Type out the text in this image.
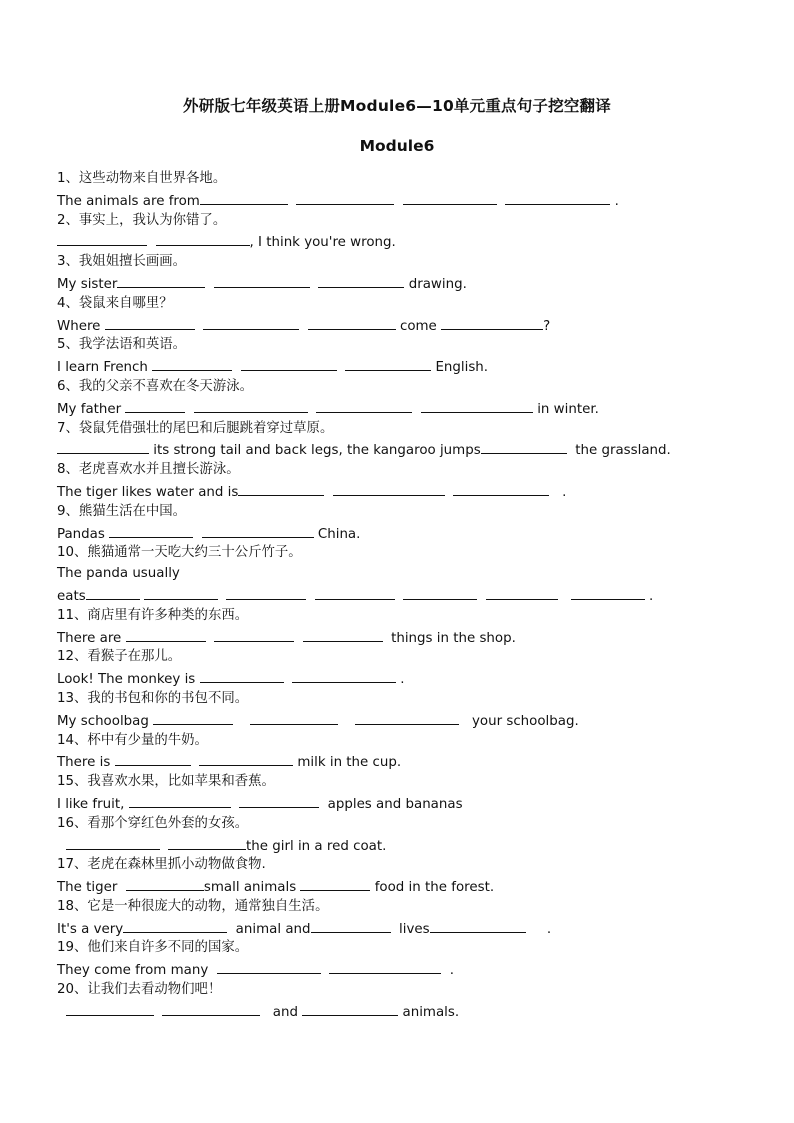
外研版七年级英语上册Module6—10单元重点句子挖空翻译
Module6
1、这些动物来自世界各地。
The animals are from	.
2、事实上，我认为你错了。
, I think you're wrong.
3、我姐姐擅长画画。
My sister	drawing.
4、袋鼠来自哪里？
Where	come	?
5、我学法语和英语。
I learn French	English.
6、我的父亲不喜欢在冬天游泳。
My father	in winter.
7、袋鼠凭借强壮的尾巴和后腿跳着穿过草原。
its strong tail and back legs, the kangaroo jumps	the grassland.
8、老虎喜欢水并且擅长游泳。
The tiger likes water and is	.
9、熊猫生活在中国。
Pandas	China.
10、熊猫通常一天吃大约三十公斤竹子。
The panda usually
eats	.
11、商店里有许多种类的东西。
There are	things in the shop.
12、看猴子在那儿。
Look! The monkey is	.
13、我的书包和你的书包不同。
My schoolbag	your schoolbag.
14、杯中有少量的牛奶。
There is	milk in the cup.
15、我喜欢水果，比如苹果和香蕉。
I like fruit,	apples and bananas
16、看那个穿红色外套的女孩。
the girl in a red coat.
17、老虎在森林里抓小动物做食物.
The tiger	small animals	food in the forest.
18、它是一种很庞大的动物，通常独自生活。
It's a very	animal and	lives	.
19、他们来自许多不同的国家。
They come from many	.
20、让我们去看动物们吧！
and	animals.
